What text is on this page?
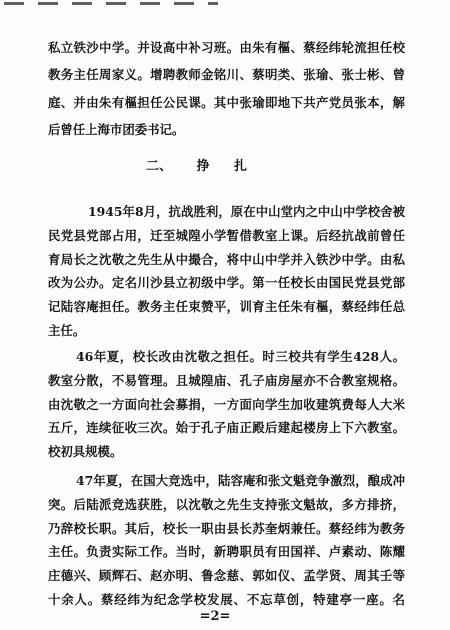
私立铁沙中学。并设高中补习班。由朱有樞、蔡经纬轮流担任校
教务主任周家义。增聘教师金铭川、蔡明类、张瑜、张士彬、曾
庭、并由朱有樞担任公民课。其中张瑜即地下共产党员张本，解
后曾任上海市团委书记。
二、 挣 扎
1945年8月，抗战胜利，原在中山堂内之中山中学校舍被
民党县党部占用，迁至城隍小学暂借教室上课。后经抗战前曾任
育局长之沈敬之先生从中撮合，将中山中学并入铁沙中学。由私
改为公办。定名川沙县立初级中学。第一任校长由国民党县党部
记陆容庵担任。教务主任束赞平，训育主任朱有樞，蔡经纬任总
主任。
46年夏，校长改由沈敬之担任。时三校共有学生428人。
教室分散，不易管理。且城隍庙、孔子庙房屋亦不合教室规格。
由沈敬之一方面向社会募捐，一方面向学生加收建筑费每人大米
五斤，连续征收三次。始于孔子庙正殿后建起楼房上下六教室。
校初具规模。
47年夏，在国大竞选中，陆容庵和张文魁竞争激烈，酿成冲
突。后陆派竞选获胜，以沈敬之先生支持张文魁故，多方排挤，
乃辞校长职。其后，校长一职由县长苏奎炳兼任。蔡经纬为教务
主任。负责实际工作。当时，新聘职员有田国祥、卢素动、陈耀
庄德兴、顾辉石、赵亦明、鲁念慈、郭如仪、孟学贤、周其壬等
十余人。蔡经纬为纪念学校发展、不忘草创，特建亭一座。名
=2=
